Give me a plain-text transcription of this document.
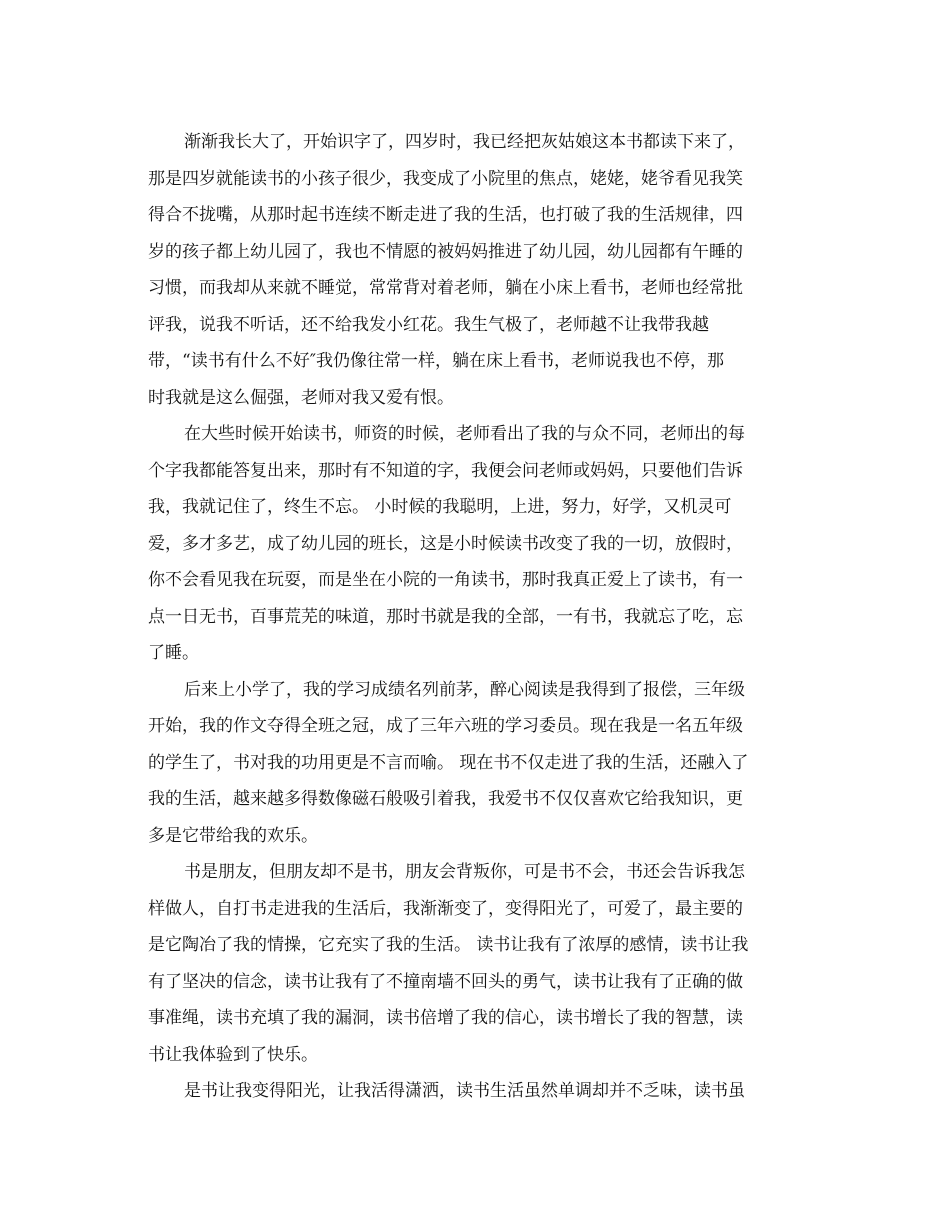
渐渐我长大了，开始识字了，四岁时，我已经把灰姑娘这本书都读下来了，
那是四岁就能读书的小孩子很少，我变成了小院里的焦点，姥姥，姥爷看见我笑
得合不拢嘴，从那时起书连续不断走进了我的生活，也打破了我的生活规律，四
岁的孩子都上幼儿园了，我也不情愿的被妈妈推进了幼儿园，幼儿园都有午睡的
习惯，而我却从来就不睡觉，常常背对着老师，躺在小床上看书，老师也经常批
评我，说我不听话，还不给我发小红花。我生气极了，老师越不让我带我越
带，“读书有什么不好″我仍像往常一样，躺在床上看书，老师说我也不停，那
时我就是这么倔强，老师对我又爱有恨。
在大些时候开始读书，师资的时候，老师看出了我的与众不同，老师出的每
个字我都能答复出来，那时有不知道的字，我便会问老师或妈妈，只要他们告诉
我，我就记住了，终生不忘。 小时候的我聪明，上进，努力，好学，又机灵可
爱，多才多艺，成了幼儿园的班长，这是小时候读书改变了我的一切，放假时，
你不会看见我在玩耍，而是坐在小院的一角读书，那时我真正爱上了读书，有一
点一日无书，百事荒芜的味道，那时书就是我的全部，一有书，我就忘了吃，忘
了睡。
后来上小学了，我的学习成绩名列前茅，醉心阅读是我得到了报偿，三年级
开始，我的作文夺得全班之冠，成了三年六班的学习委员。现在我是一名五年级
的学生了，书对我的功用更是不言而喻。 现在书不仅走进了我的生活，还融入了
我的生活，越来越多得数像磁石般吸引着我，我爱书不仅仅喜欢它给我知识，更
多是它带给我的欢乐。
书是朋友，但朋友却不是书，朋友会背叛你，可是书不会，书还会告诉我怎
样做人，自打书走进我的生活后，我渐渐变了，变得阳光了，可爱了，最主要的
是它陶冶了我的情操，它充实了我的生活。 读书让我有了浓厚的感情，读书让我
有了坚决的信念，读书让我有了不撞南墙不回头的勇气，读书让我有了正确的做
事准绳，读书充填了我的漏洞，读书倍增了我的信心，读书增长了我的智慧，读
书让我体验到了快乐。
是书让我变得阳光，让我活得潇洒，读书生活虽然单调却并不乏味，读书虽
